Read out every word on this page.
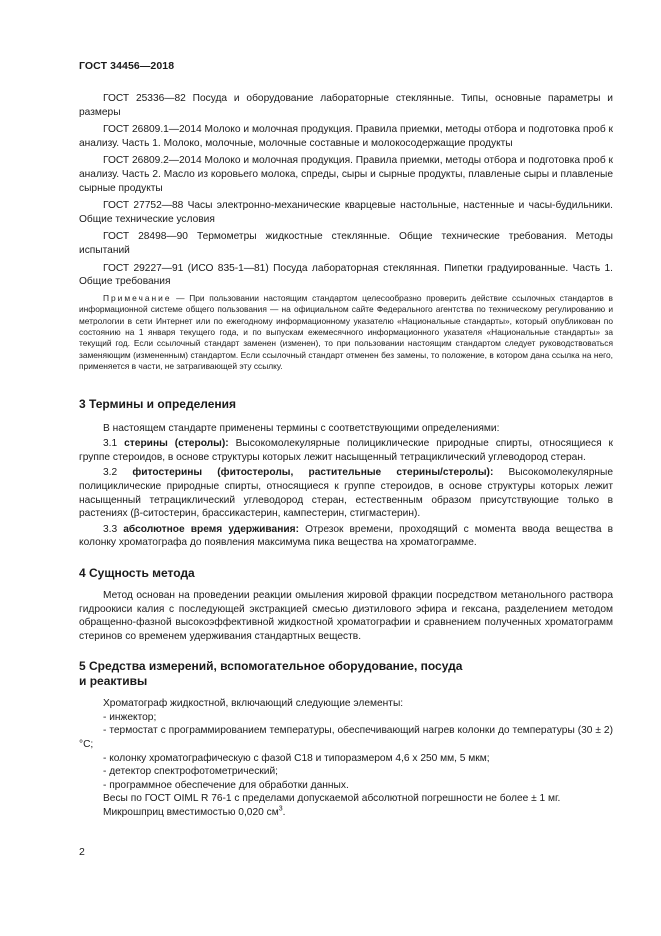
ГОСТ 34456—2018

ГОСТ 25336—82 Посуда и оборудование лабораторные стеклянные. Типы, основные параметры и размеры

ГОСТ 26809.1—2014 Молоко и молочная продукция. Правила приемки, методы отбора и подготовка проб к анализу. Часть 1. Молоко, молочные, молочные составные и молокосодержащие продукты

ГОСТ 26809.2—2014 Молоко и молочная продукция. Правила приемки, методы отбора и подготовка проб к анализу. Часть 2. Масло из коровьего молока, спреды, сыры и сырные продукты, плавленые сыры и плавленые сырные продукты

ГОСТ 27752—88 Часы электронно-механические кварцевые настольные, настенные и часы-будильники. Общие технические условия

ГОСТ 28498—90 Термометры жидкостные стеклянные. Общие технические требования. Методы испытаний

ГОСТ 29227—91 (ИСО 835-1—81) Посуда лабораторная стеклянная. Пипетки градуированные. Часть 1. Общие требования

Примечание — При пользовании настоящим стандартом целесообразно проверить действие ссылочных стандартов в информационной системе общего пользования — на официальном сайте Федерального агентства по техническому регулированию и метрологии в сети Интернет или по ежегодному информационному указателю «Национальные стандарты», который опубликован по состоянию на 1 января текущего года, и по выпускам ежемесячного информационного указателя «Национальные стандарты» за текущий год. Если ссылочный стандарт заменен (изменен), то при пользовании настоящим стандартом следует руководствоваться заменяющим (измененным) стандартом. Если ссылочный стандарт отменен без замены, то положение, в котором дана ссылка на него, применяется в части, не затрагивающей эту ссылку.

3 Термины и определения

В настоящем стандарте применены термины с соответствующими определениями:

3.1 стерины (стеролы): Высокомолекулярные полициклические природные спирты, относящиеся к группе стероидов, в основе структуры которых лежит насыщенный тетрациклический углеводород стеран.

3.2 фитостерины (фитостеролы, растительные стерины/стеролы): Высокомолекулярные полициклические природные спирты, относящиеся к группе стероидов, в основе структуры которых лежит насыщенный тетрациклический углеводород стеран, естественным образом присутствующие только в растениях (β-ситостерин, брассикастерин, кампестерин, стигмастерин).

3.3 абсолютное время удерживания: Отрезок времени, проходящий с момента ввода вещества в колонку хроматографа до появления максимума пика вещества на хроматограмме.

4 Сущность метода

Метод основан на проведении реакции омыления жировой фракции посредством метанольного раствора гидроокиси калия с последующей экстракцией смесью диэтилового эфира и гексана, разделением методом обращенно-фазной высокоэффективной жидкостной хроматографии и сравнением полученных хроматограмм стеринов со временем удерживания стандартных веществ.

5 Средства измерений, вспомогательное оборудование, посуда
и реактивы

Хроматограф жидкостной, включающий следующие элементы:

- инжектор;

- термостат с программированием температуры, обеспечивающий нагрев колонки до температуры (30 ± 2) °С;

- колонку хроматографическую с фазой С18 и типоразмером 4,6 х 250 мм, 5 мкм;

- детектор спектрофотометрический;

- программное обеспечение для обработки данных.

Весы по ГОСТ OIML R 76-1 с пределами допускаемой абсолютной погрешности не более ± 1 мг.

Микрошприц вместимостью 0,020 $см^3$.

2
